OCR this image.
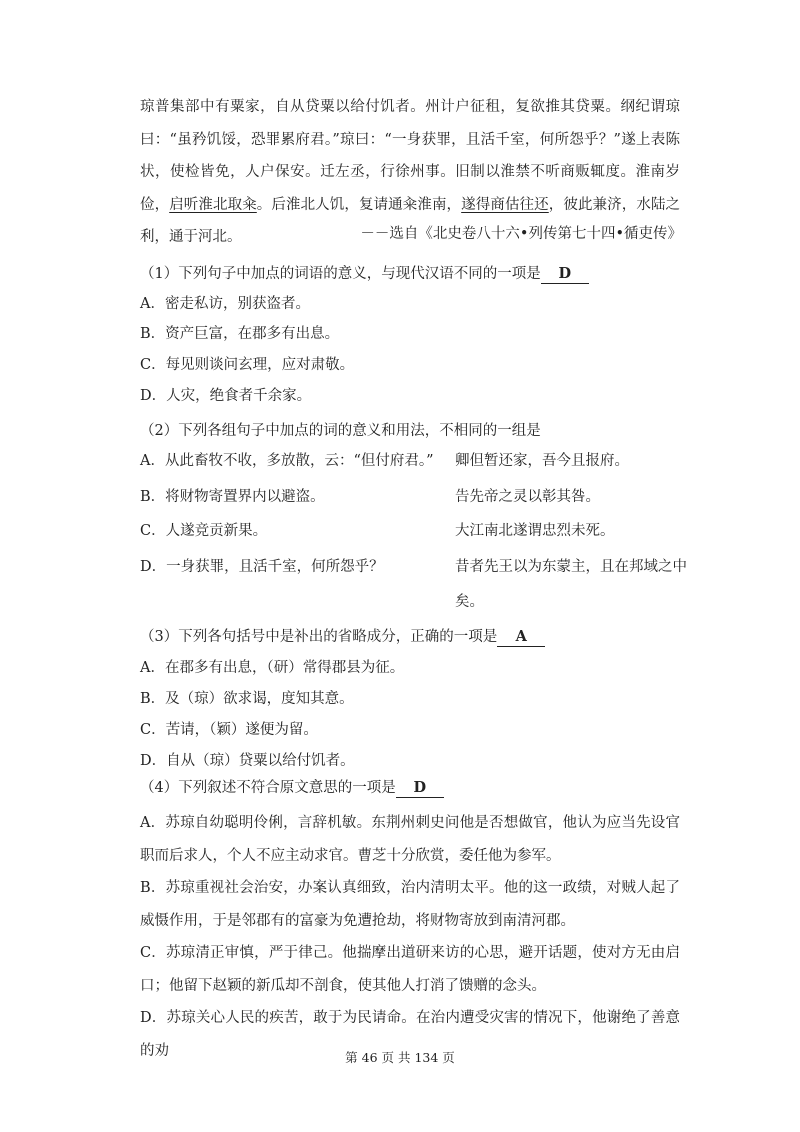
琼普集部中有粟家，自从贷粟以给付饥者。州计户征租，复欲推其贷粟。纲纪谓琼曰：“虽矜饥馁，恐罪累府君。”琼曰：“一身获罪，且活千室，何所怨乎？”遂上表陈状，使检皆免，人户保安。迁左丞，行徐州事。旧制以淮禁不听商贩辄度。淮南岁俭，启听淮北取籴。后淮北人饥，复请通籴淮南，遂得商估往还，彼此兼济，水陆之利，通于河北。	－－选自《北史卷八十六•列传第七十四•循吏传》
（1）下列句子中加点的词语的意义，与现代汉语不同的一项是 D
A．密走私访，别获盗者。
B．资产巨富，在郡多有出息。
C．每见则谈问玄理，应对肃敬。
D．人灾，绝食者千余家。
（2）下列各组句子中加点的词的意义和用法，不相同的一组是
A．从此畜牧不收，多放散，云：“但付府君。” 卿但暂还家，吾今且报府。
B．将财物寄置界内以避盗。	告先帝之灵以彰其咎。
C．人遂竞贡新果。	大江南北遂谓忠烈未死。
D．一身获罪，且活千室，何所怨乎？	昔者先王以为东蒙主，且在邦域之中
矣。
（3）下列各句括号中是补出的省略成分，正确的一项是 A
A．在郡多有出息，（研）常得郡县为征。
B．及（琼）欲求谒，度知其意。
C．苦请，（颖）遂便为留。
D．自从（琼）贷粟以给付饥者。
（4）下列叙述不符合原文意思的一项是 D

A．苏琼自幼聪明伶俐，言辞机敏。东荆州刺史问他是否想做官，他认为应当先设官职而后求人，个人不应主动求官。曹芝十分欣赏，委任他为参军。

B．苏琼重视社会治安，办案认真细致，治内清明太平。他的这一政绩，对贼人起了威慑作用，于是邻郡有的富豪为免遭抢劫，将财物寄放到南清河郡。

C．苏琼清正审慎，严于律己。他揣摩出道研来访的心思，避开话题，使对方无由启口；他留下赵颖的新瓜却不剖食，使其他人打消了馈赠的念头。

D．苏琼关心人民的疾苦，敢于为民请命。在治内遭受灾害的情况下，他谢绝了善意的劝	第 46 页 共 134 页
